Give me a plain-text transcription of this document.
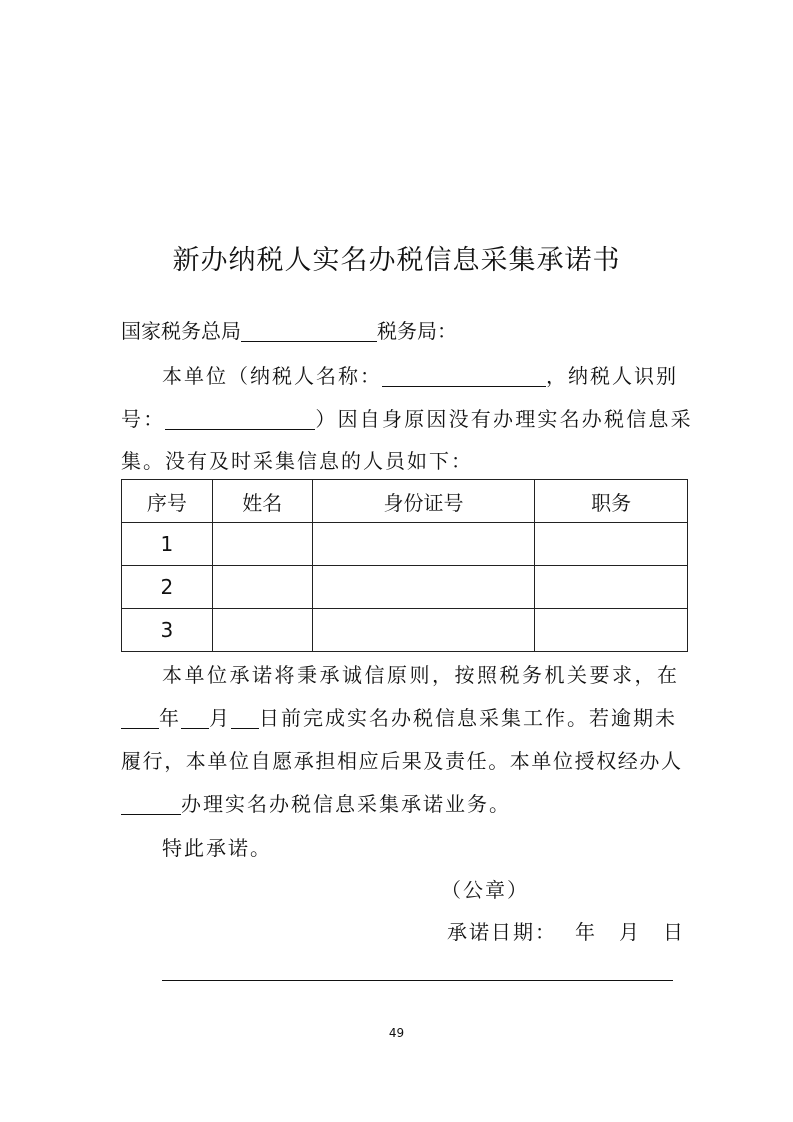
新办纳税人实名办税信息采集承诺书
国家税务总局	税务局：
本单位（纳税人名称：	，纳税人识别
号：	）因自身原因没有办理实名办税信息采
集。没有及时采集信息的人员如下：
序号	姓名	身份证号	职务
1			
2			
3			
本单位承诺将秉承诚信原则，按照税务机关要求，在
年 月 日前完成实名办税信息采集工作。若逾期未
履行，本单位自愿承担相应后果及责任。本单位授权经办人
办理实名办税信息采集承诺业务。
特此承诺。
（公章）
承诺日期： 年 月 日
49
